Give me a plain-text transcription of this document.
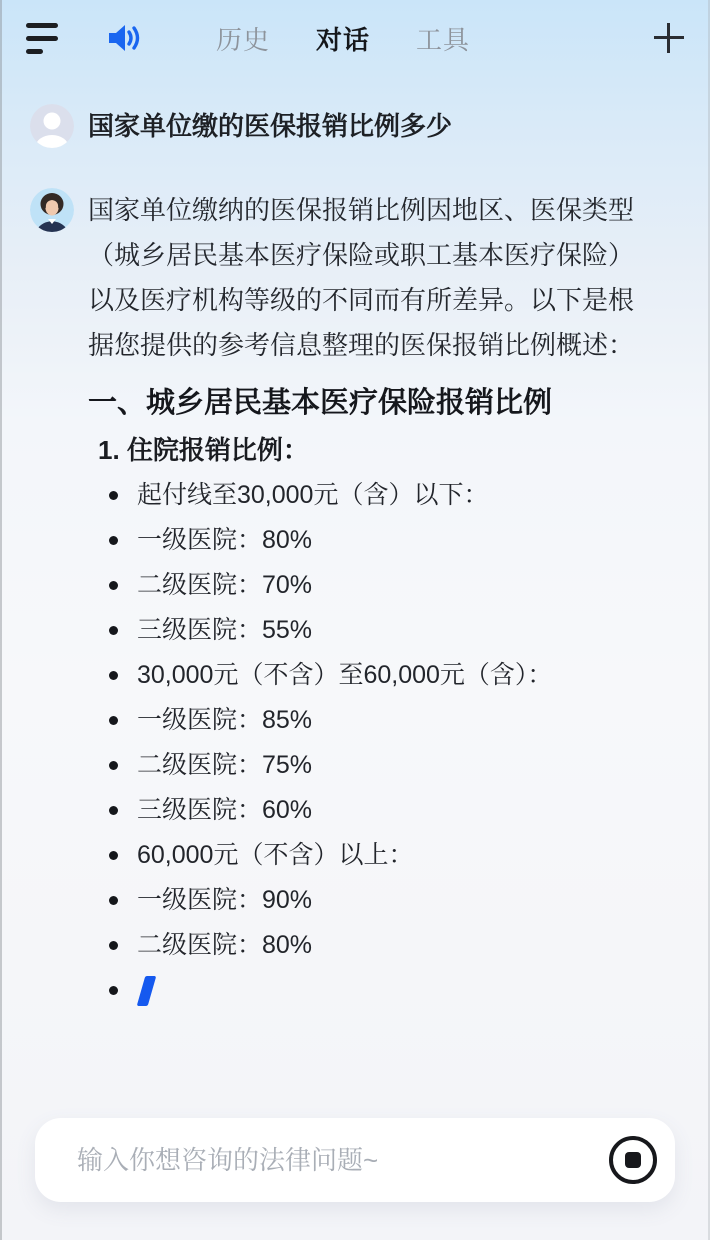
历史 对话 工具
国家单位缴的医保报销比例多少
国家单位缴纳的医保报销比例因地区、医保类型
（城乡居民基本医疗保险或职工基本医疗保险）
以及医疗机构等级的不同而有所差异。以下是根
据您提供的参考信息整理的医保报销比例概述：
一、城乡居民基本医疗保险报销比例
1. 住院报销比例：
起付线至30,000元（含）以下：
一级医院：80%
二级医院：70%
三级医院：55%
30,000元（不含）至60,000元（含）：
一级医院：85%
二级医院：75%
三级医院：60%
60,000元（不含）以上：
一级医院：90%
二级医院：80%
输入你想咨询的法律问题~
